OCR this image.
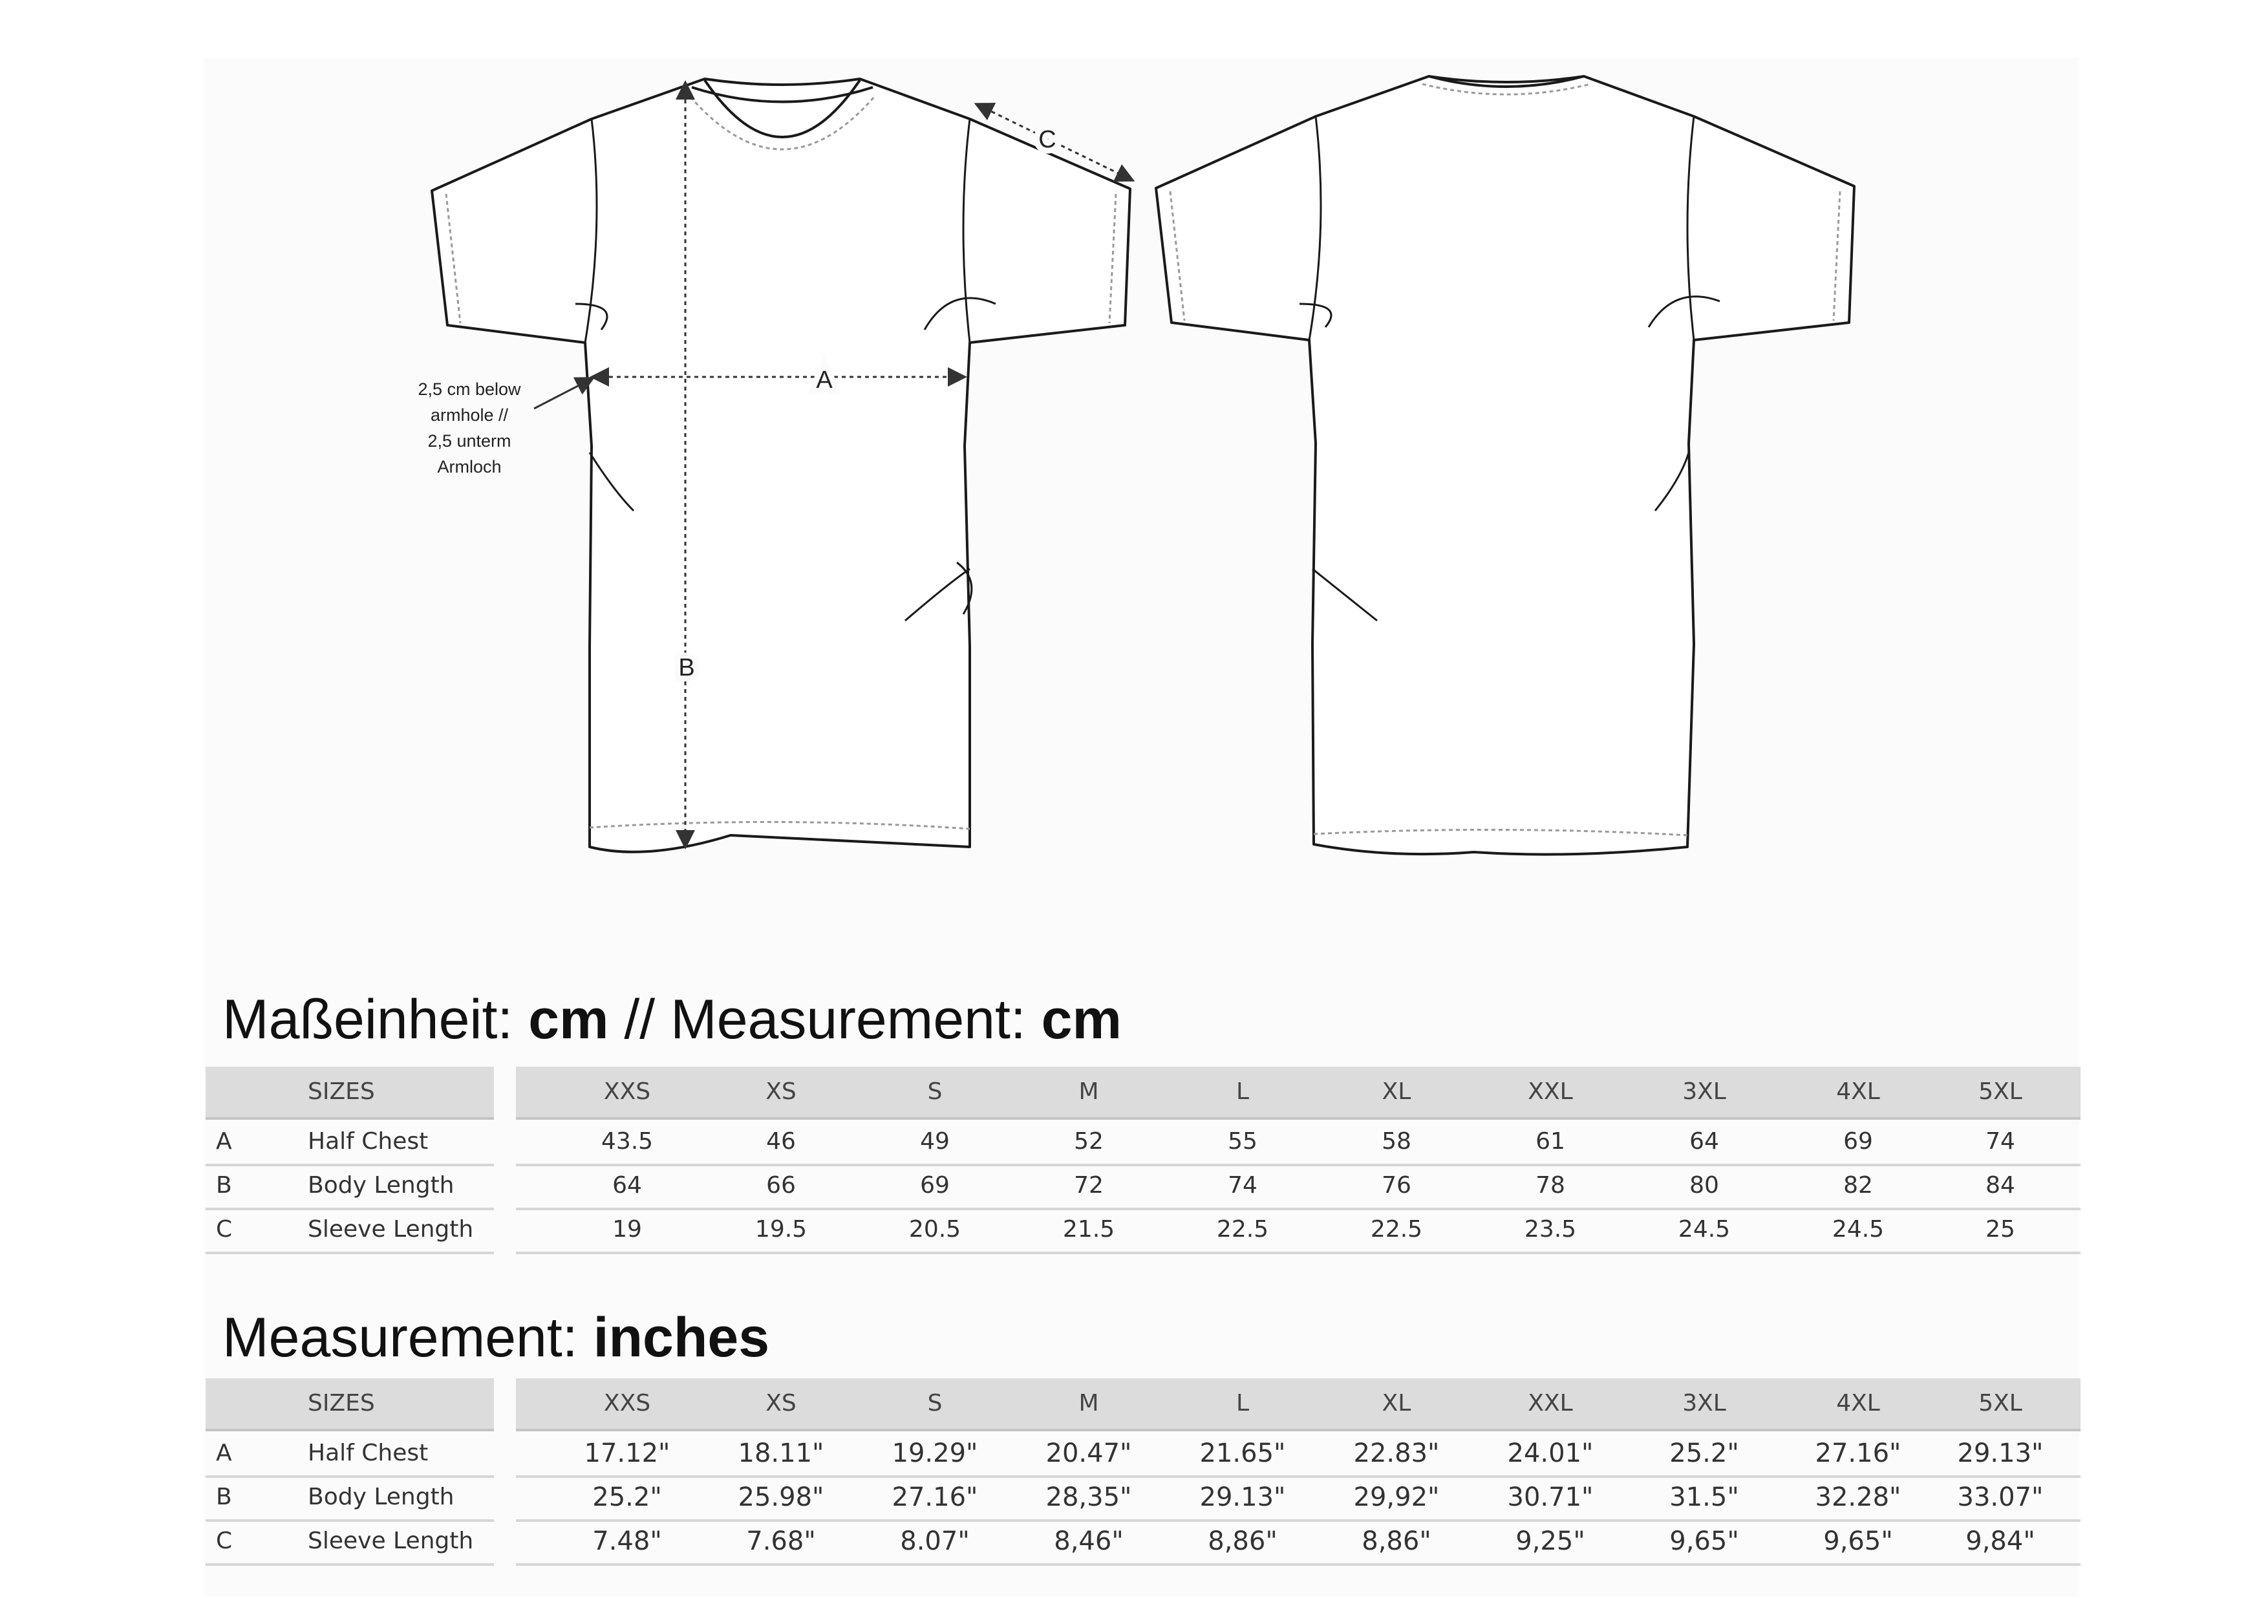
A
B
C
2,5 cm below
armhole //
2,5 unterm
Armloch
Maßeinheit: cm // Measurement: cm
SIZES	XXS	XS	S	M	L	XL	XXL	3XL	4XL	5XL
A	Half Chest	43.5	46	49	52	55	58	61	64	69	74
B	Body Length	64	66	69	72	74	76	78	80	82	84
C	Sleeve Length	19	19.5	20.5	21.5	22.5	22.5	23.5	24.5	24.5	25
Measurement: inches
SIZES	XXS	XS	S	M	L	XL	XXL	3XL	4XL	5XL
A	Half Chest	17.12"	18.11"	19.29"	20.47"	21.65"	22.83"	24.01"	25.2"	27.16"	29.13"
B	Body Length	25.2"	25.98"	27.16"	28,35"	29.13"	29,92"	30.71"	31.5"	32.28"	33.07"
C	Sleeve Length	7.48"	7.68"	8.07"	8,46"	8,86"	8,86"	9,25"	9,65"	9,65"	9,84"
